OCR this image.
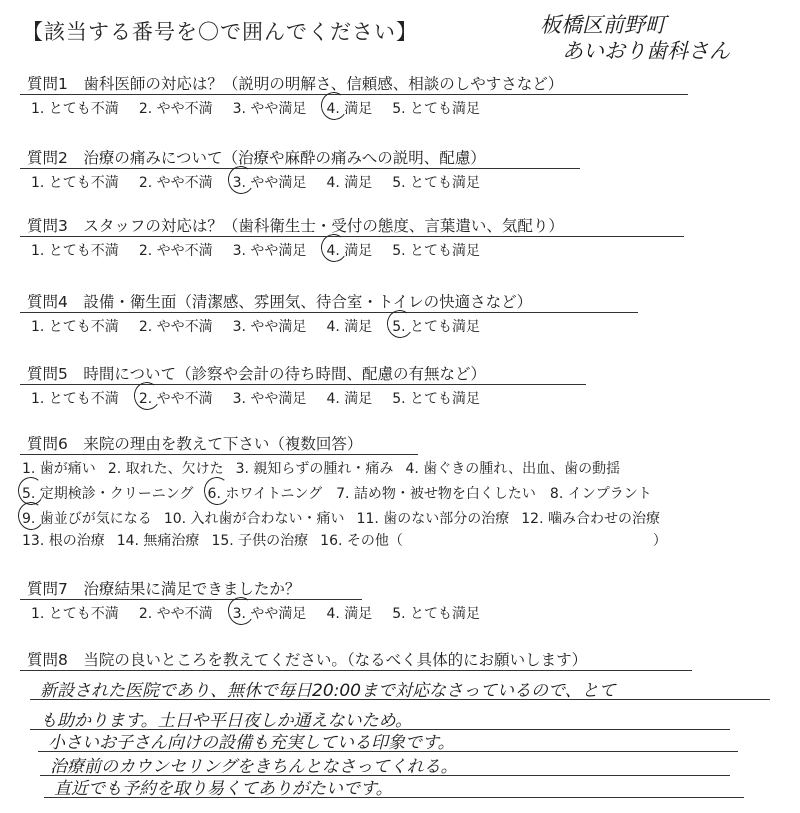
【該当する番号を〇で囲んでください】	板橋区前野町
あいおり歯科さん
質問1　歯科医師の対応は？（説明の明解さ、信頼感、相談のしやすさなど）
1. とても不満 2. やや不満 3. やや満足 4. 満足 5. とても満足
質問2　治療の痛みについて（治療や麻酔の痛みへの説明、配慮）
1. とても不満 2. やや不満 3. やや満足 4. 満足 5. とても満足
質問3　スタッフの対応は？（歯科衛生士・受付の態度、言葉遣い、気配り）
1. とても不満 2. やや不満 3. やや満足 4. 満足 5. とても満足
質問4　設備・衛生面（清潔感、雰囲気、待合室・トイレの快適さなど）
1. とても不満 2. やや不満 3. やや満足 4. 満足 5. とても満足
質問5　時間について（診察や会計の待ち時間、配慮の有無など）
1. とても不満 2. やや不満 3. やや満足 4. 満足 5. とても満足
質問6　来院の理由を教えて下さい（複数回答）
1. 歯が痛い 2. 取れた、欠けた 3. 親知らずの腫れ・痛み 4. 歯ぐきの腫れ、出血、歯の動揺
5. 定期検診・クリーニング 6. ホワイトニング 7. 詰め物・被せ物を白くしたい 8. インプラント
9. 歯並びが気になる 10. 入れ歯が合わない・痛い 11. 歯のない部分の治療 12. 噛み合わせの治療
13. 根の治療 14. 無痛治療 15. 子供の治療 16. その他（	）
質問7　治療結果に満足できましたか？
1. とても不満 2. やや不満 3. やや満足 4. 満足 5. とても満足
質問8　当院の良いところを教えてください。（なるべく具体的にお願いします）
新設された医院であり、無休で毎日20:00まで対応なさっているので、とて
も助かります。土日や平日夜しか通えないため。
小さいお子さん向けの設備も充実している印象です。
治療前のカウンセリングをきちんとなさってくれる。
直近でも予約を取り易くてありがたいです。
